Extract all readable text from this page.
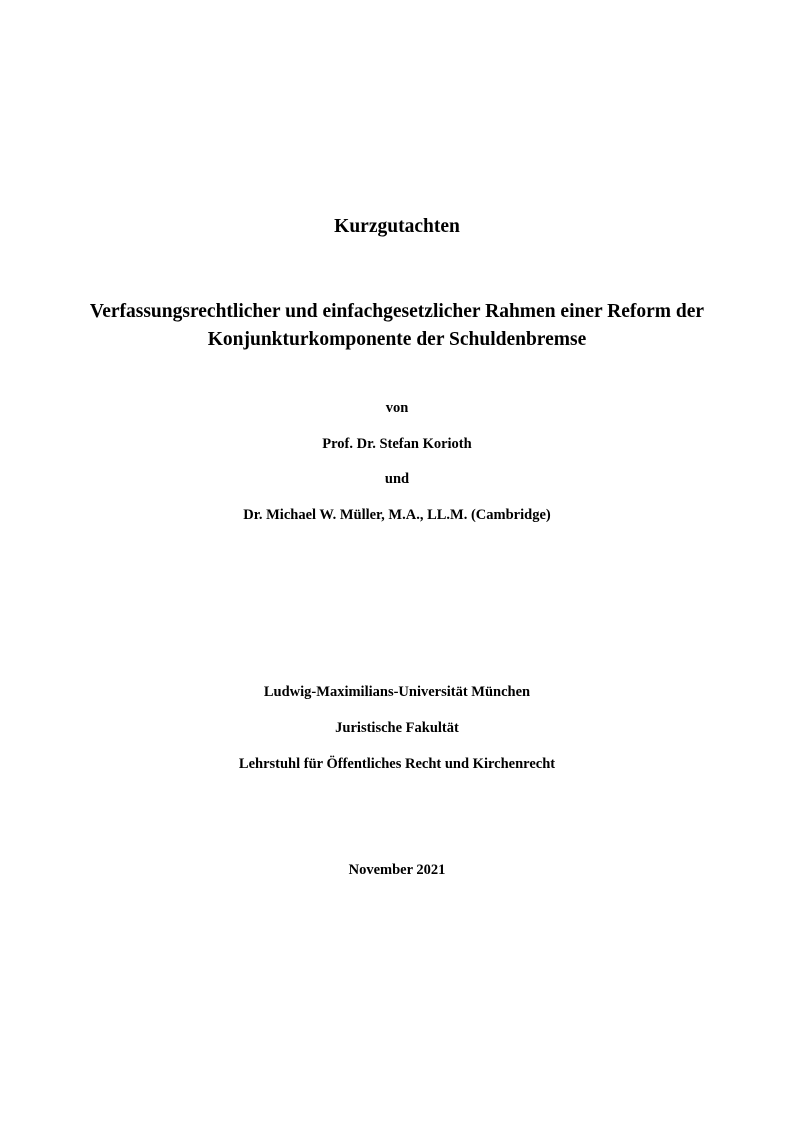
Kurzgutachten
Verfassungsrechtlicher und einfachgesetzlicher Rahmen einer Reform der
Konjunkturkomponente der Schuldenbremse
von
Prof. Dr. Stefan Korioth
und
Dr. Michael W. Müller, M.A., LL.M. (Cambridge)
Ludwig-Maximilians-Universität München
Juristische Fakultät
Lehrstuhl für Öffentliches Recht und Kirchenrecht
November 2021
